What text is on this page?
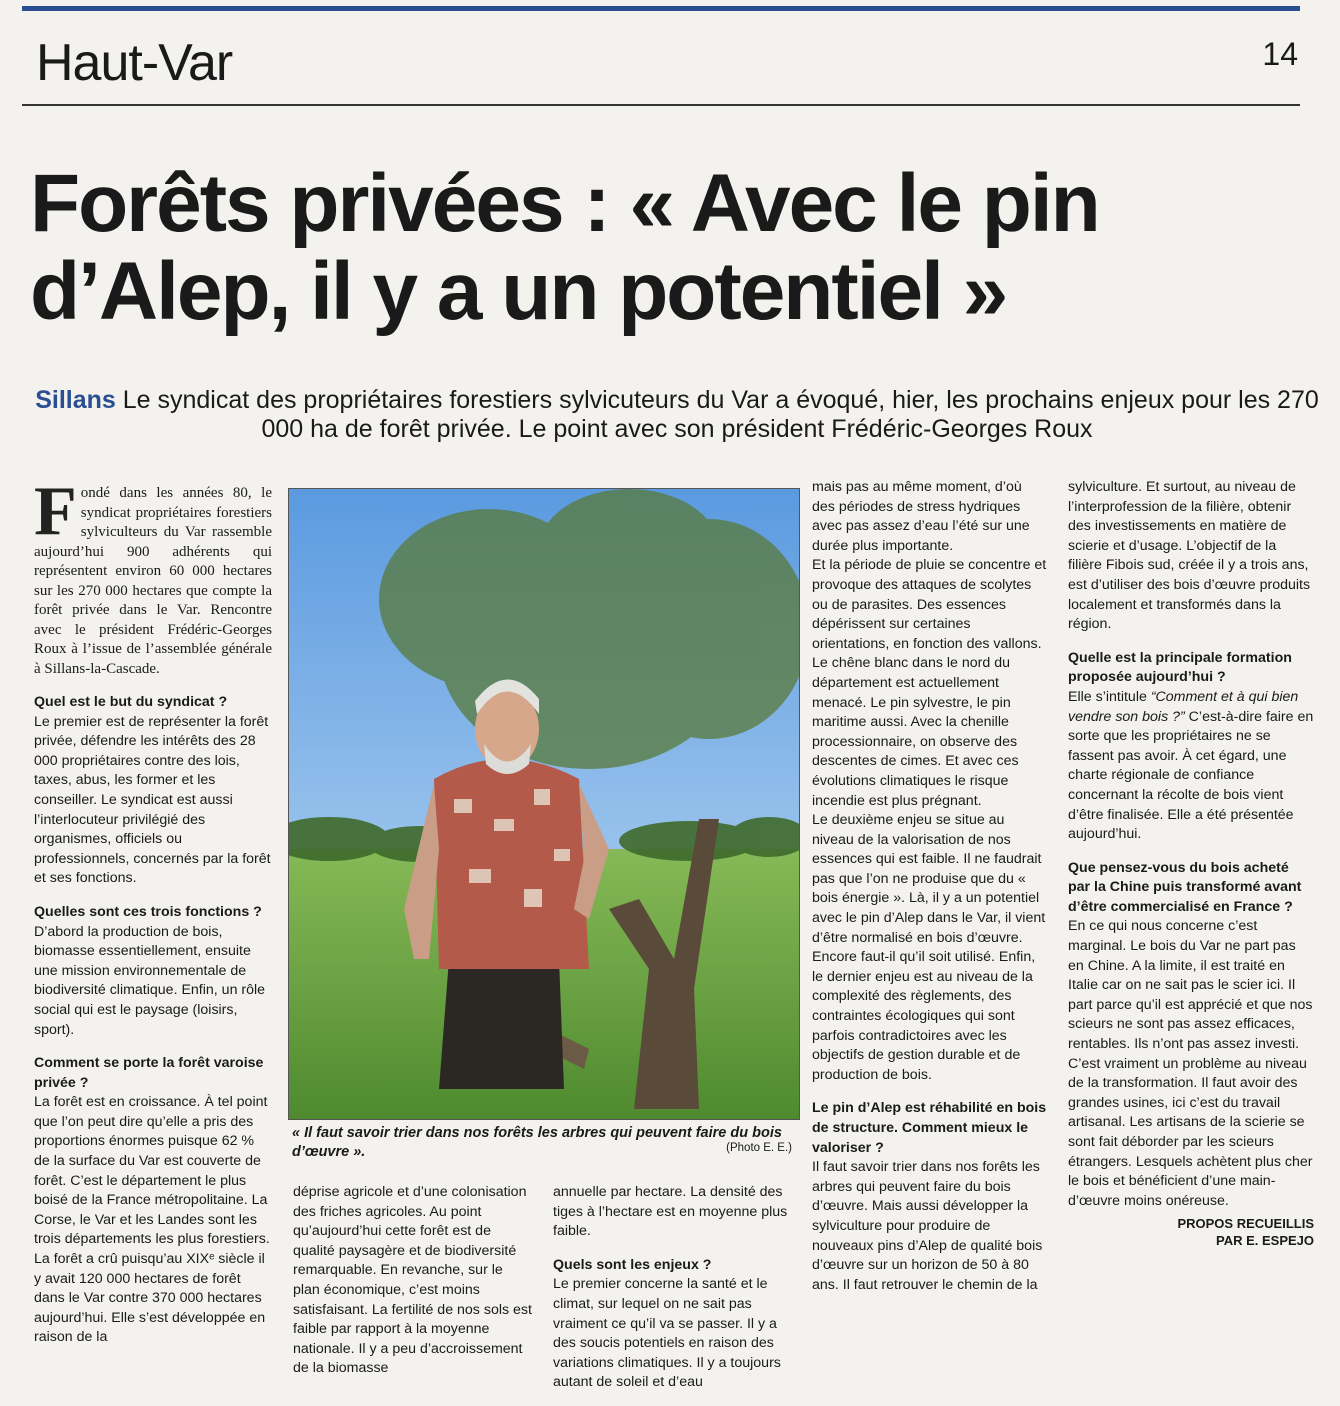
Haut-Var	14
Forêts privées : « Avec le pin d’Alep, il y a un potentiel »
Sillans Le syndicat des propriétaires forestiers sylvicuteurs du Var a évoqué, hier, les prochains enjeux pour les 270 000 ha de forêt privée. Le point avec son président Frédéric-Georges Roux

Fondé dans les années 80, le syndicat propriétaires forestiers sylviculteurs du Var rassemble aujourd’hui 900 adhérents qui représentent environ 60 000 hectares sur les 270 000 hectares que compte la forêt privée dans le Var. Rencontre avec le président Frédéric-Georges Roux à l’issue de l’assemblée générale à Sillans-la-Cascade.

Quel est le but du syndicat ?

Le premier est de représenter la forêt privée, défendre les intérêts des 28 000 propriétaires contre des lois, taxes, abus, les former et les conseiller. Le syndicat est aussi l’interlocuteur privilégié des organismes, officiels ou professionnels, concernés par la forêt et ses fonctions.

Quelles sont ces trois fonctions ?

D’abord la production de bois, biomasse essentiellement, ensuite une mission environnementale de biodiversité climatique. Enfin, un rôle social qui est le paysage (loisirs, sport).

Comment se porte la forêt varoise privée ?

La forêt est en croissance. À tel point que l’on peut dire qu’elle a pris des proportions énormes puisque 62 % de la surface du Var est couverte de forêt. C’est le département le plus boisé de la France métropolitaine. La Corse, le Var et les Landes sont les trois départements les plus forestiers. La forêt a crû puisqu’au XIXᵉ siècle il y avait 120 000 hectares de forêt dans le Var contre 370 000 hectares aujourd’hui. Elle s’est développée en raison de la

« Il faut savoir trier dans nos forêts les arbres qui peuvent faire du bois d’œuvre ».	(Photo E. E.)

déprise agricole et d’une colonisation des friches agricoles. Au point qu’aujourd’hui cette forêt est de qualité paysagère et de biodiversité remarquable. En revanche, sur le plan économique, c’est moins satisfaisant. La fertilité de nos sols est faible par rapport à la moyenne nationale. Il y a peu d’accroissement de la biomasse

annuelle par hectare. La densité des tiges à l’hectare est en moyenne plus faible.

Quels sont les enjeux ?

Le premier concerne la santé et le climat, sur lequel on ne sait pas vraiment ce qu’il va se passer. Il y a des soucis potentiels en raison des variations climatiques. Il y a toujours autant de soleil et d’eau

mais pas au même moment, d’où des périodes de stress hydriques avec pas assez d’eau l’été sur une durée plus importante.

Et la période de pluie se concentre et provoque des attaques de scolytes ou de parasites. Des essences dépérissent sur certaines orientations, en fonction des vallons. Le chêne blanc dans le nord du département est actuellement menacé. Le pin sylvestre, le pin maritime aussi. Avec la chenille processionnaire, on observe des descentes de cimes. Et avec ces évolutions climatiques le risque incendie est plus prégnant.

Le deuxième enjeu se situe au niveau de la valorisation de nos essences qui est faible. Il ne faudrait pas que l’on ne produise que du « bois énergie ». Là, il y a un potentiel avec le pin d’Alep dans le Var, il vient d’être normalisé en bois d’œuvre. Encore faut-il qu’il soit utilisé. Enfin, le dernier enjeu est au niveau de la complexité des règlements, des contraintes écologiques qui sont parfois contradictoires avec les objectifs de gestion durable et de production de bois.

Le pin d’Alep est réhabilité en bois de structure. Comment mieux le valoriser ?

Il faut savoir trier dans nos forêts les arbres qui peuvent faire du bois d’œuvre. Mais aussi développer la sylviculture pour produire de nouveaux pins d’Alep de qualité bois d’œuvre sur un horizon de 50 à 80 ans. Il faut retrouver le chemin de la

sylviculture. Et surtout, au niveau de l’interprofession de la filière, obtenir des investissements en matière de scierie et d’usage. L’objectif de la filière Fibois sud, créée il y a trois ans, est d’utiliser des bois d’œuvre produits localement et transformés dans la région.

Quelle est la principale formation proposée aujourd’hui ?

Elle s’intitule “Comment et à qui bien vendre son bois ?” C’est-à-dire faire en sorte que les propriétaires ne se fassent pas avoir. À cet égard, une charte régionale de confiance concernant la récolte de bois vient d’être finalisée. Elle a été présentée aujourd’hui.

Que pensez-vous du bois acheté par la Chine puis transformé avant d’être commercialisé en France ?

En ce qui nous concerne c’est marginal. Le bois du Var ne part pas en Chine. A la limite, il est traité en Italie car on ne sait pas le scier ici. Il part parce qu’il est apprécié et que nos scieurs ne sont pas assez efficaces, rentables. Ils n’ont pas assez investi. C’est vraiment un problème au niveau de la transformation. Il faut avoir des grandes usines, ici c’est du travail artisanal. Les artisans de la scierie se sont fait déborder par les scieurs étrangers. Lesquels achètent plus cher le bois et bénéficient d’une main-d’œuvre moins onéreuse.

PROPOS RECUEILLIS
PAR E. ESPEJO
